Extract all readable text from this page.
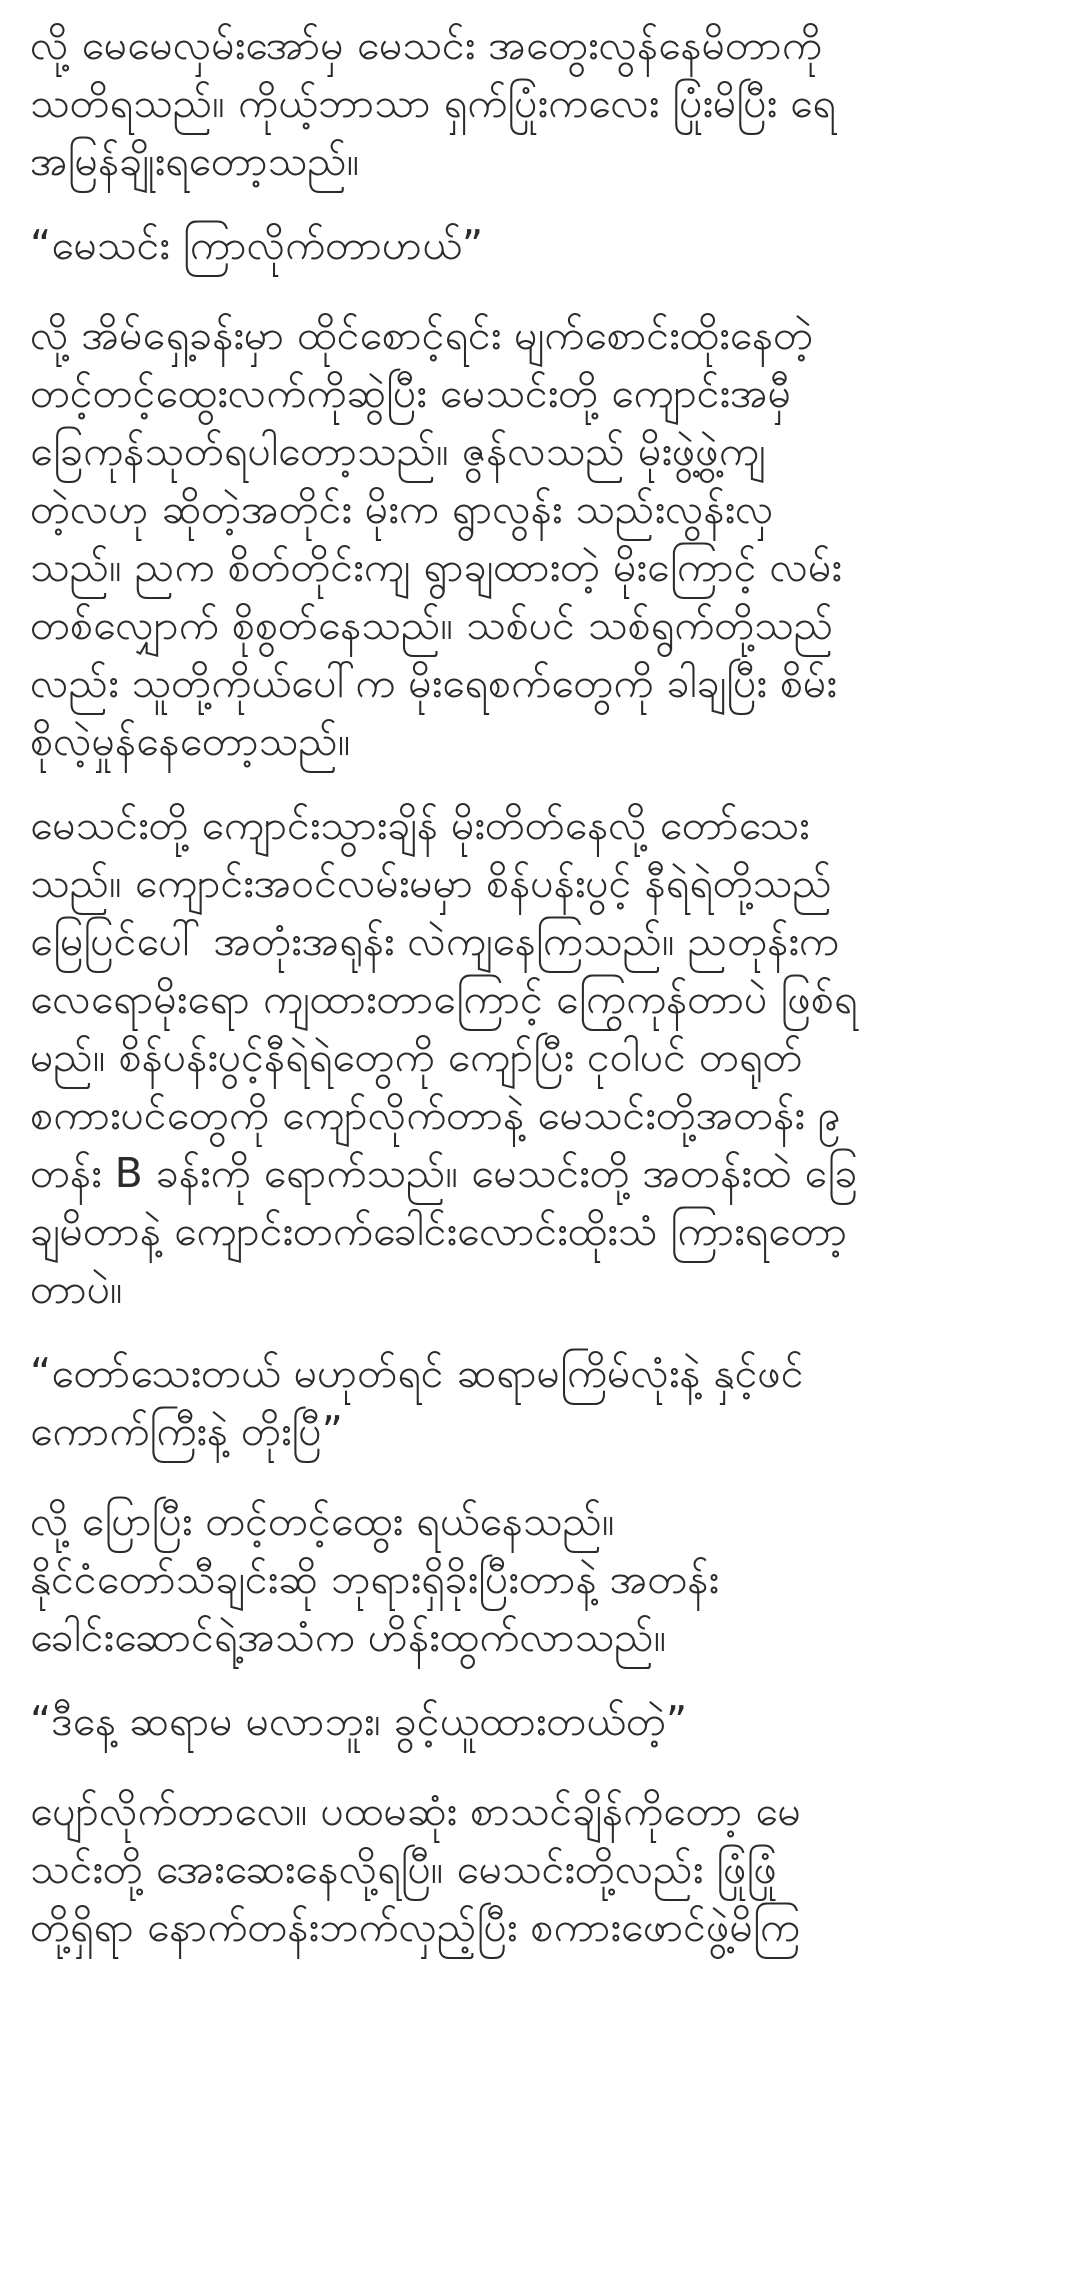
လို့ မေမေလှမ်းအော်မှ မေသင်း အတွေးလွန်နေမိတာကို
သတိရသည်။ ကိုယ့်ဘာသာ ရှက်ပြုံးကလေး ပြုံးမိပြီး ရေ
အမြန်ချိုးရတော့သည်။

“မေသင်း ကြာလိုက်တာဟယ်”

လို့ အိမ်ရှေ့ခန်းမှာ ထိုင်စောင့်ရင်း မျက်စောင်းထိုးနေတဲ့
တင့်တင့်ထွေးလက်ကိုဆွဲပြီး မေသင်းတို့ ကျောင်းအမှီ
ခြေကုန်သုတ်ရပါတော့သည်။ ဇွန်လသည် မိုးဖွဲ့ဖွဲ့ကျ
တဲ့လဟု ဆိုတဲ့အတိုင်း မိုးက ရွာလွန်း သည်းလွန်းလှ
သည်။ ညက စိတ်တိုင်းကျ ရွာချထားတဲ့ မိုးကြောင့် လမ်း
တစ်လျှောက် စိုစွတ်နေသည်။ သစ်ပင် သစ်ရွက်တို့သည်
လည်း သူတို့ကိုယ်ပေါ်က မိုးရေစက်တွေကို ခါချပြီး စိမ်း
စိုလဲ့မှုန်နေတော့သည်။

မေသင်းတို့ ကျောင်းသွားချိန် မိုးတိတ်နေလို့ တော်သေး
သည်။ ကျောင်းအဝင်လမ်းမမှာ စိန်ပန်းပွင့် နီရဲရဲတို့သည်
မြေပြင်ပေါ် အတုံးအရုန်း လဲကျနေကြသည်။ ညတုန်းက
လေရောမိုးရော ကျထားတာကြောင့် ကြွေကုန်တာပဲ ဖြစ်ရ
မည်။ စိန်ပန်းပွင့်နီရဲရဲတွေကို ကျော်ပြီး ငုဝါပင် တရုတ်
စကားပင်တွေကို ကျော်လိုက်တာနဲ့ မေသင်းတို့အတန်း ၉
တန်း B ခန်းကို ရောက်သည်။ မေသင်းတို့ အတန်းထဲ ခြေ
ချမိတာနဲ့ ကျောင်းတက်ခေါင်းလောင်းထိုးသံ ကြားရတော့
တာပဲ။

“တော်သေးတယ် မဟုတ်ရင် ဆရာမကြိမ်လုံးနဲ့ နှင့်ဖင်
ကောက်ကြီးနဲ့ တိုးပြီ”

လို့ ပြောပြီး တင့်တင့်ထွေး ရယ်နေသည်။
နိုင်ငံတော်သီချင်းဆို ဘုရားရှိခိုးပြီးတာနဲ့ အတန်း
ခေါင်းဆောင်ရဲ့အသံက ဟိန်းထွက်လာသည်။

“ဒီနေ့ ဆရာမ မလာဘူး၊ ခွင့်ယူထားတယ်တဲ့”

ပျော်လိုက်တာလေ။ ပထမဆုံး စာသင်ချိန်ကိုတော့ မေ
သင်းတို့ အေးဆေးနေလို့ရပြီ။ မေသင်းတို့လည်း ဖြုံဖြုံ
တို့ရှိရာ နောက်တန်းဘက်လှည့်ပြီး စကားဖောင်ဖွဲ့မိကြ
